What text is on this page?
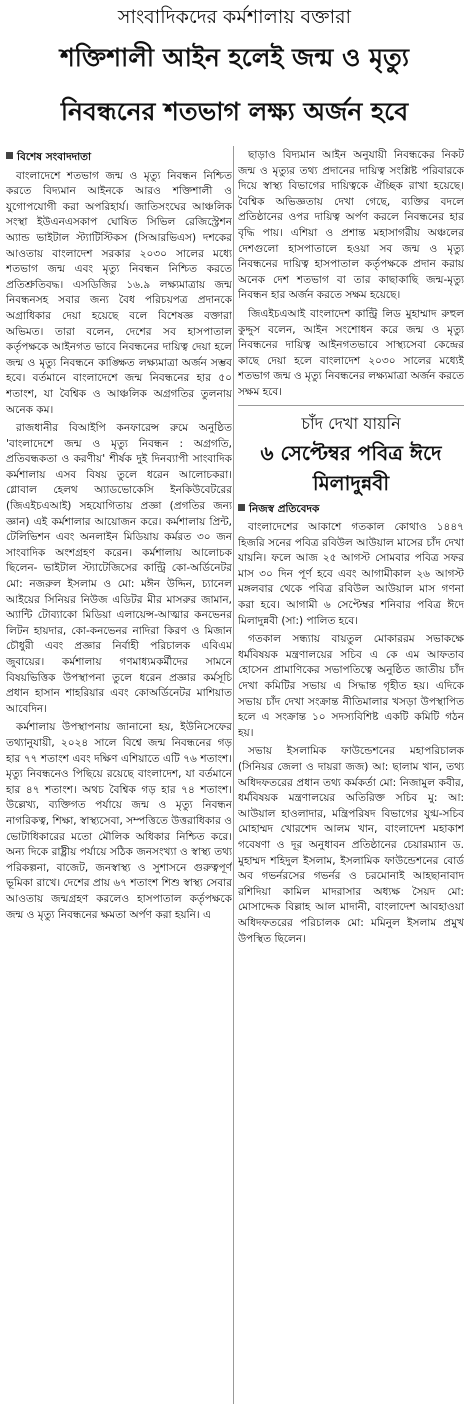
সাংবাদিকদের কর্মশালায় বক্তারা
শক্তিশালী আইন হলেই জন্ম ও মৃত্যু
নিবন্ধনের শতভাগ লক্ষ্য অর্জন হবে
বিশেষ সংবাদদাতা

বাংলাদেশে শতভাগ জন্ম ও মৃত্যু নিবন্ধন নিশ্চিত করতে বিদ্যমান আইনকে আরও শক্তিশালী ও যুগোপযোগী করা অপরিহার্য। জাতিসংঘের আঞ্চলিক সংস্থা ইউএনএসকাপ ঘোষিত সিভিল রেজিস্ট্রেশন অ্যান্ড ভাইটাল স্ট্যাটিস্টিকস (সিআরভিএস) দশকের আওতায় বাংলাদেশ সরকার ২০৩০ সালের মধ্যে শতভাগ জন্ম এবং মৃত্যু নিবন্ধন নিশ্চিত করতে প্রতিশ্রুতিবদ্ধ। এসডিজির ১৬.৯ লক্ষ্যমাত্রায় জন্ম নিবন্ধনসহ সবার জন্য বৈধ পরিচয়পত্র প্রদানকে অগ্রাধিকার দেয়া হয়েছে বলে বিশেষজ্ঞ বক্তারা অভিমত। তারা বলেন, দেশের সব হাসপাতাল কর্তৃপক্ষকে আইনগত ভাবে নিবন্ধনের দায়িত্ব দেয়া হলে জন্ম ও মৃত্যু নিবন্ধনে কাঙ্ক্ষিত লক্ষ্যমাত্রা অর্জন সম্ভব হবে। বর্তমানে বাংলাদেশে জন্ম নিবন্ধনের হার ৫০ শতাংশ, যা বৈশ্বিক ও আঞ্চলিক অগ্রগতির তুলনায় অনেক কম।

রাজধানীর বিআইপি কনফারেন্স রুমে অনুষ্ঠিত 'বাংলাদেশে জন্ম ও মৃত্যু নিবন্ধন : অগ্রগতি, প্রতিবন্ধকতা ও করণীয়' শীর্ষক দুই দিনব্যাপী সাংবাদিক কর্মশালায় এসব বিষয় তুলে ধরেন আলোচকরা। গ্লোবাল হেলথ অ্যাডভোকেসি ইনকিউবেটরের (জিএইচএআই) সহযোগিতায় প্রজ্ঞা (প্রগতির জন্য জ্ঞান) এই কর্মশালার আয়োজন করে। কর্মশালায় প্রিন্ট, টেলিভিশন এবং অনলাইন মিডিয়ায় কর্মরত ৩০ জন সাংবাদিক অংশগ্রহণ করেন। কর্মশালায় আলোচক ছিলেন- ভাইটাল স্ট্যাটেজিসের কান্ট্রি কো-অর্ডিনেটর মো: নজরুল ইসলাম ও মো: মঈন উদ্দিন, চ্যানেল আইয়ের সিনিয়র নিউজ এডিটর মীর মাসরুর জামান, অ্যান্টি টোব্যাকো মিডিয়া এলায়েন্স-আত্মার কনভেনর লিটন হায়দার, কো-কনভেনর নাদিরা কিরণ ও মিজান চৌধুরী এবং প্রজ্ঞার নির্বাহী পরিচালক এবিএম জুবায়ের। কর্মশালায় গণমাধ্যমকর্মীদের সামনে বিষয়ভিত্তিক উপস্থাপনা তুলে ধরেন প্রজ্ঞার কর্মসূচি প্রধান হাসান শাহরিয়ার এবং কোঅর্ডিনেটর মাশিয়াত আবেদিন।

কর্মশালায় উপস্থাপনায় জানানো হয়, ইউনিসেফের তথ্যানুযায়ী, ২০২৪ সালে বিশ্বে জন্ম নিবন্ধনের গড় হার ৭৭ শতাংশ এবং দক্ষিণ এশিয়াতে এটি ৭৬ শতাংশ। মৃত্যু নিবন্ধনেও পিছিয়ে রয়েছে বাংলাদেশ, যা বর্তমানে হার ৪৭ শতাংশ। অথচ বৈশ্বিক গড় হার ৭৪ শতাংশ। উল্লেখ্য, ব্যক্তিগত পর্যায়ে জন্ম ও মৃত্যু নিবন্ধন নাগরিকত্ব, শিক্ষা, স্বাস্থ্যসেবা, সম্পত্তিতে উত্তরাধিকার ও ভোটাধিকারের মতো মৌলিক অধিকার নিশ্চিত করে। অন্য দিকে রাষ্ট্রীয় পর্যায়ে সঠিক জনসংখ্যা ও স্বাস্থ্য তথ্য পরিকল্পনা, বাজেট, জনস্বাস্থ্য ও সুশাসনে গুরুত্বপূর্ণ ভূমিকা রাখে। দেশের প্রায় ৬৭ শতাংশ শিশু স্বাস্থ্য সেবার আওতায় জন্মগ্রহণ করলেও হাসপাতাল কর্তৃপক্ষকে জন্ম ও মৃত্যু নিবন্ধনের ক্ষমতা অর্পণ করা হয়নি। এ

ছাড়াও বিদ্যমান আইন অনুযায়ী নিবন্ধকের নিকট জন্ম ও মৃত্যুর তথ্য প্রদানের দায়িত্ব সংশ্লিষ্ট পরিবারকে দিয়ে স্বাস্থ্য বিভাগের দায়িত্বকে ঐচ্ছিক রাখা হয়েছে। বৈশ্বিক অভিজ্ঞতায় দেখা গেছে, ব্যক্তির বদলে প্রতিষ্ঠানের ওপর দায়িত্ব অর্পণ করলে নিবন্ধনের হার বৃদ্ধি পায়। এশিয়া ও প্রশান্ত মহাসাগরীয় অঞ্চলের দেশগুলো হাসপাতালে হওয়া সব জন্ম ও মৃত্যু নিবন্ধনের দায়িত্ব হাসপাতাল কর্তৃপক্ষকে প্রদান করায় অনেক দেশ শতভাগ বা তার কাছাকাছি জন্ম-মৃত্যু নিবন্ধন হার অর্জন করতে সক্ষম হয়েছে।

জিএইচএআই বাংলাদেশ কান্ট্রি লিড মুহাম্মাদ রুহুল কুদ্দুস বলেন, আইন সংশোধন করে জন্ম ও মৃত্যু নিবন্ধনের দায়িত্ব আইনগতভাবে সাস্থ্যসেবা কেন্দ্রের কাছে দেয়া হলে বাংলাদেশ ২০৩০ সালের মধ্যেই শতভাগ জন্ম ও মৃত্যু নিবন্ধনের লক্ষ্যমাত্রা অর্জন করতে সক্ষম হবে।

চাঁদ দেখা যায়নি
৬ সেপ্টেম্বর পবিত্র ঈদে মিলাদুন্নবী
নিজস্ব প্রতিবেদক

বাংলাদেশের আকাশে গতকাল কোথাও ১৪৪৭ হিজরি সনের পবিত্র রবিউল আউয়াল মাসের চাঁদ দেখা যায়নি। ফলে আজ ২৫ আগস্ট সোমবার পবিত্র সফর মাস ৩০ দিন পূর্ণ হবে এবং আগামীকাল ২৬ আগস্ট মঙ্গলবার থেকে পবিত্র রবিউল আউয়াল মাস গণনা করা হবে। আগামী ৬ সেপ্টেম্বর শনিবার পবিত্র ঈদে মিলাদুন্নবী (সা:) পালিত হবে।

গতকাল সন্ধ্যায় বায়তুল মোকাররম সভাকক্ষে ধর্মবিষয়ক মন্ত্রণালয়ের সচিব এ কে এম আফতাব হোসেন প্রামাণিকের সভাপতিত্বে অনুষ্ঠিত জাতীয় চাঁদ দেখা কমিটির সভায় এ সিদ্ধান্ত গৃহীত হয়। এদিকে সভায় চাঁদ দেখা সংক্রান্ত নীতিমালার খসড়া উপস্থাপিত হলে এ সংক্রান্ত ১০ সদস্যবিশিষ্ট একটি কমিটি গঠন হয়।

সভায় ইসলামিক ফাউন্ডেশনের মহাপরিচালক (সিনিয়র জেলা ও দায়রা জজ) আ: ছালাম খান, তথ্য অধিদফতরের প্রধান তথ্য কর্মকর্তা মো: নিজামুল কবীর, ধর্মবিষয়ক মন্ত্রণালয়ের অতিরিক্ত সচিব মু: আ: আউয়াল হাওলাদার, মন্ত্রিপরিষদ বিভাগের যুগ্ম-সচিব মোহাম্মদ খোরশেদ আলম খান, বাংলাদেশ মহাকাশ গবেষণা ও দূর অনুধাবন প্রতিষ্ঠানের চেয়ারম্যান ড. মুহাম্মদ শহিদুল ইসলাম, ইসলামিক ফাউন্ডেশনের বোর্ড অব গভর্নরসের গভর্নর ও চরমোনাই আহছানাবাদ রশিদিয়া কামিল মাদরাসার অধ্যক্ষ সৈয়দ মো: মোসাদ্দেক বিল্লাহ আল মাদানী, বাংলাদেশ আবহাওয়া অধিদফতরের পরিচালক মো: মমিনুল ইসলাম প্রমুখ উপস্থিত ছিলেন।
